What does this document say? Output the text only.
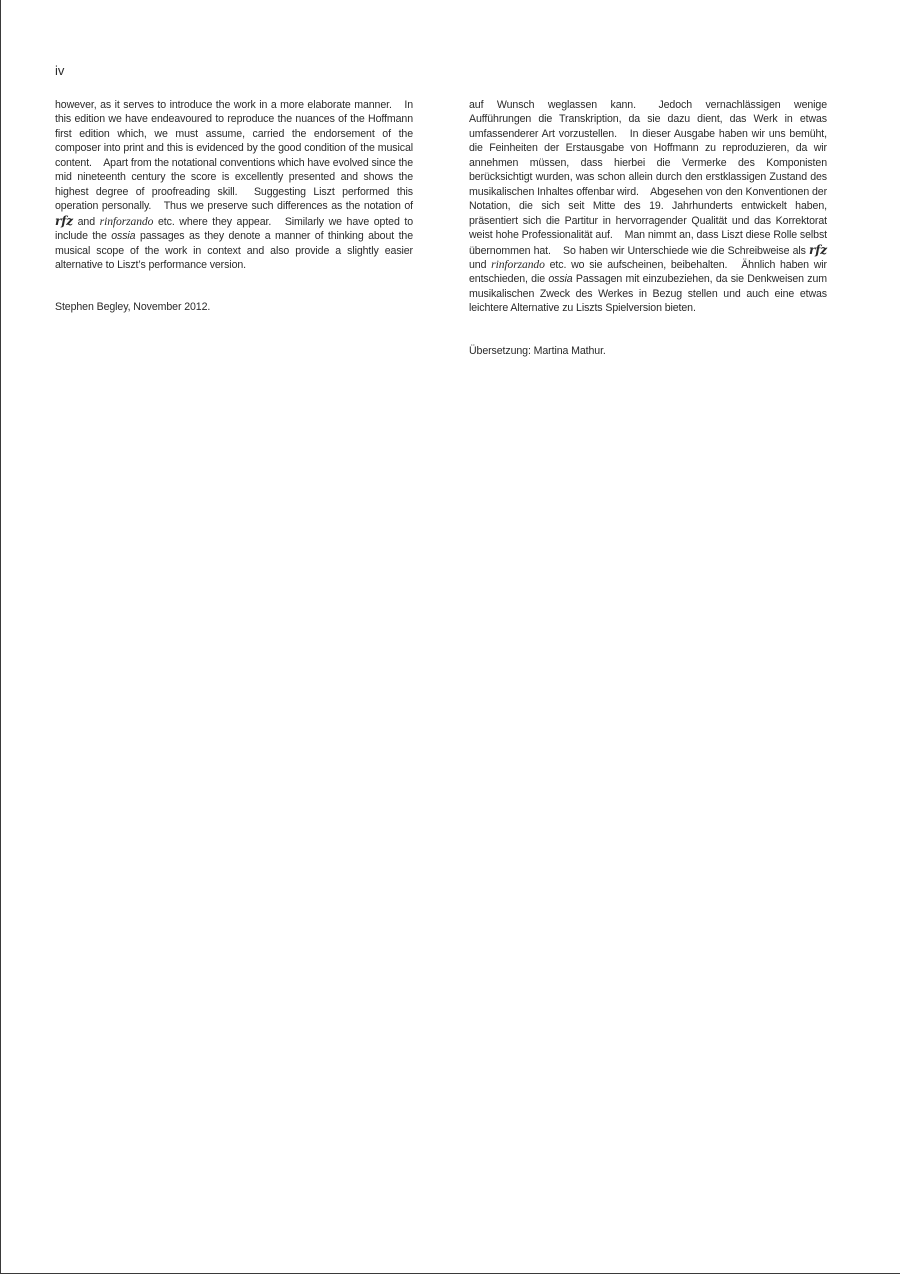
iv

however, as it serves to introduce the work in a more elaborate manner. In this edition we have endeavoured to reproduce the nuances of the Hoffmann first edition which, we must assume, carried the endorsement of the composer into print and this is evidenced by the good condition of the musical content. Apart from the notational conventions which have evolved since the mid nineteenth century the score is excellently presented and shows the highest degree of proofreading skill. Suggesting Liszt performed this operation personally. Thus we preserve such differences as the notation of rfz and rinforzando etc. where they appear. Similarly we have opted to include the ossia passages as they denote a manner of thinking about the musical scope of the work in context and also provide a slightly easier alternative to Liszt’s performance version.

Stephen Begley, November 2012.

auf Wunsch weglassen kann. Jedoch vernachlässigen wenige Aufführungen die Transkription, da sie dazu dient, das Werk in etwas umfassenderer Art vorzustellen. In dieser Ausgabe haben wir uns bemüht, die Feinheiten der Erstausgabe von Hoffmann zu reproduzieren, da wir annehmen müssen, dass hierbei die Vermerke des Komponisten berücksichtigt wurden, was schon allein durch den erstklassigen Zustand des musikalischen Inhaltes offenbar wird. Abgesehen von den Konventionen der Notation, die sich seit Mitte des 19. Jahrhunderts entwickelt haben, präsentiert sich die Partitur in hervorragender Qualität und das Korrektorat weist hohe Professionalität auf. Man nimmt an, dass Liszt diese Rolle selbst übernommen hat. So haben wir Unterschiede wie die Schreibweise als rfz und rinforzando etc. wo sie aufscheinen, beibehalten. Ähnlich haben wir entschieden, die ossia Passagen mit einzubeziehen, da sie Denkweisen zum musikalischen Zweck des Werkes in Bezug stellen und auch eine etwas leichtere Alternative zu Liszts Spielversion bieten.

Übersetzung: Martina Mathur.
